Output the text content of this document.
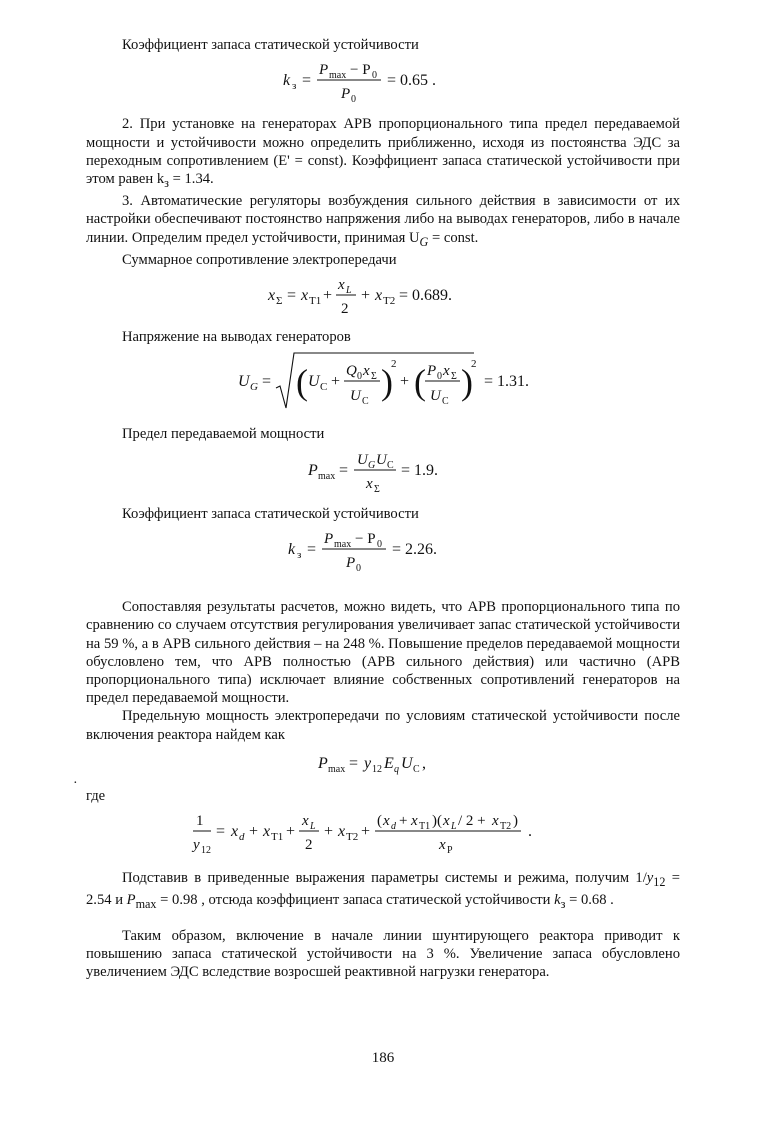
Коэффициент запаса статической устойчивости

k з =
P max − P 0
P 0
= 0.65 .

2. При установке на генераторах АРВ пропорционального типа предел передаваемой мощности и устойчивости можно определить приближенно, исходя из постоянства ЭДС за переходным сопротивлением (E' = const). Коэффициент запаса статической устойчивости при этом равен $k_з = 1.34$.

3. Автоматические регуляторы возбуждения сильного действия в зависимости от их настройки обеспечивают постоянство напряжения либо на выводах генераторов, либо в начале линии. Определим предел устойчивости, принимая $U_G$ = const.

Суммарное сопротивление электропередачи

x Σ = x T1 +
x L
2
+ x T2 = 0.689.

Напряжение на выводах генераторов

U G = ( U C +
Q 0 x Σ
U C )
2
+ ( P 0 x Σ
U C )
2
= 1.31.

Предел передаваемой мощности

P max =
U G U C
x Σ
= 1.9.

Коэффициент запаса статической устойчивости

k з =
P max − P 0
P 0
= 2.26.

Сопоставляя результаты расчетов, можно видеть, что АРВ пропорционального типа по сравнению со случаем отсутствия регулирования увеличивает запас статической устойчивости на 59 %, а в АРВ сильного действия – на 248 %. Повышение пределов передаваемой мощности обусловлено тем, что АРВ полностью (АРВ сильного действия) или частично (АРВ пропорционального типа) исключает влияние собственных сопротивлений генераторов на предел передаваемой мощности.

Предельную мощность электропередачи по условиям статической устойчивости после включения реактора найдем как

P max = y 12 E q U C ,

где

1
y 12
= x d + x T1 +
x L
2
+ x T2 +
( x d + x T1 )( x L / 2 + x T2 )
x P
.

Подставив в приведенные выражения параметры системы и режима, получим $1/y_{12} = 2.54$ и $P_{max} = 0.98$ , отсюда коэффициент запаса статической устойчивости $k_з = 0.68$ .

Таким образом, включение в начале линии шунтирующего реактора приводит к повышению запаса статической устойчивости на 3 %. Увеличение запаса обусловлено увеличением ЭДС вследствие возросшей реактивной нагрузки генератора.

·
186
